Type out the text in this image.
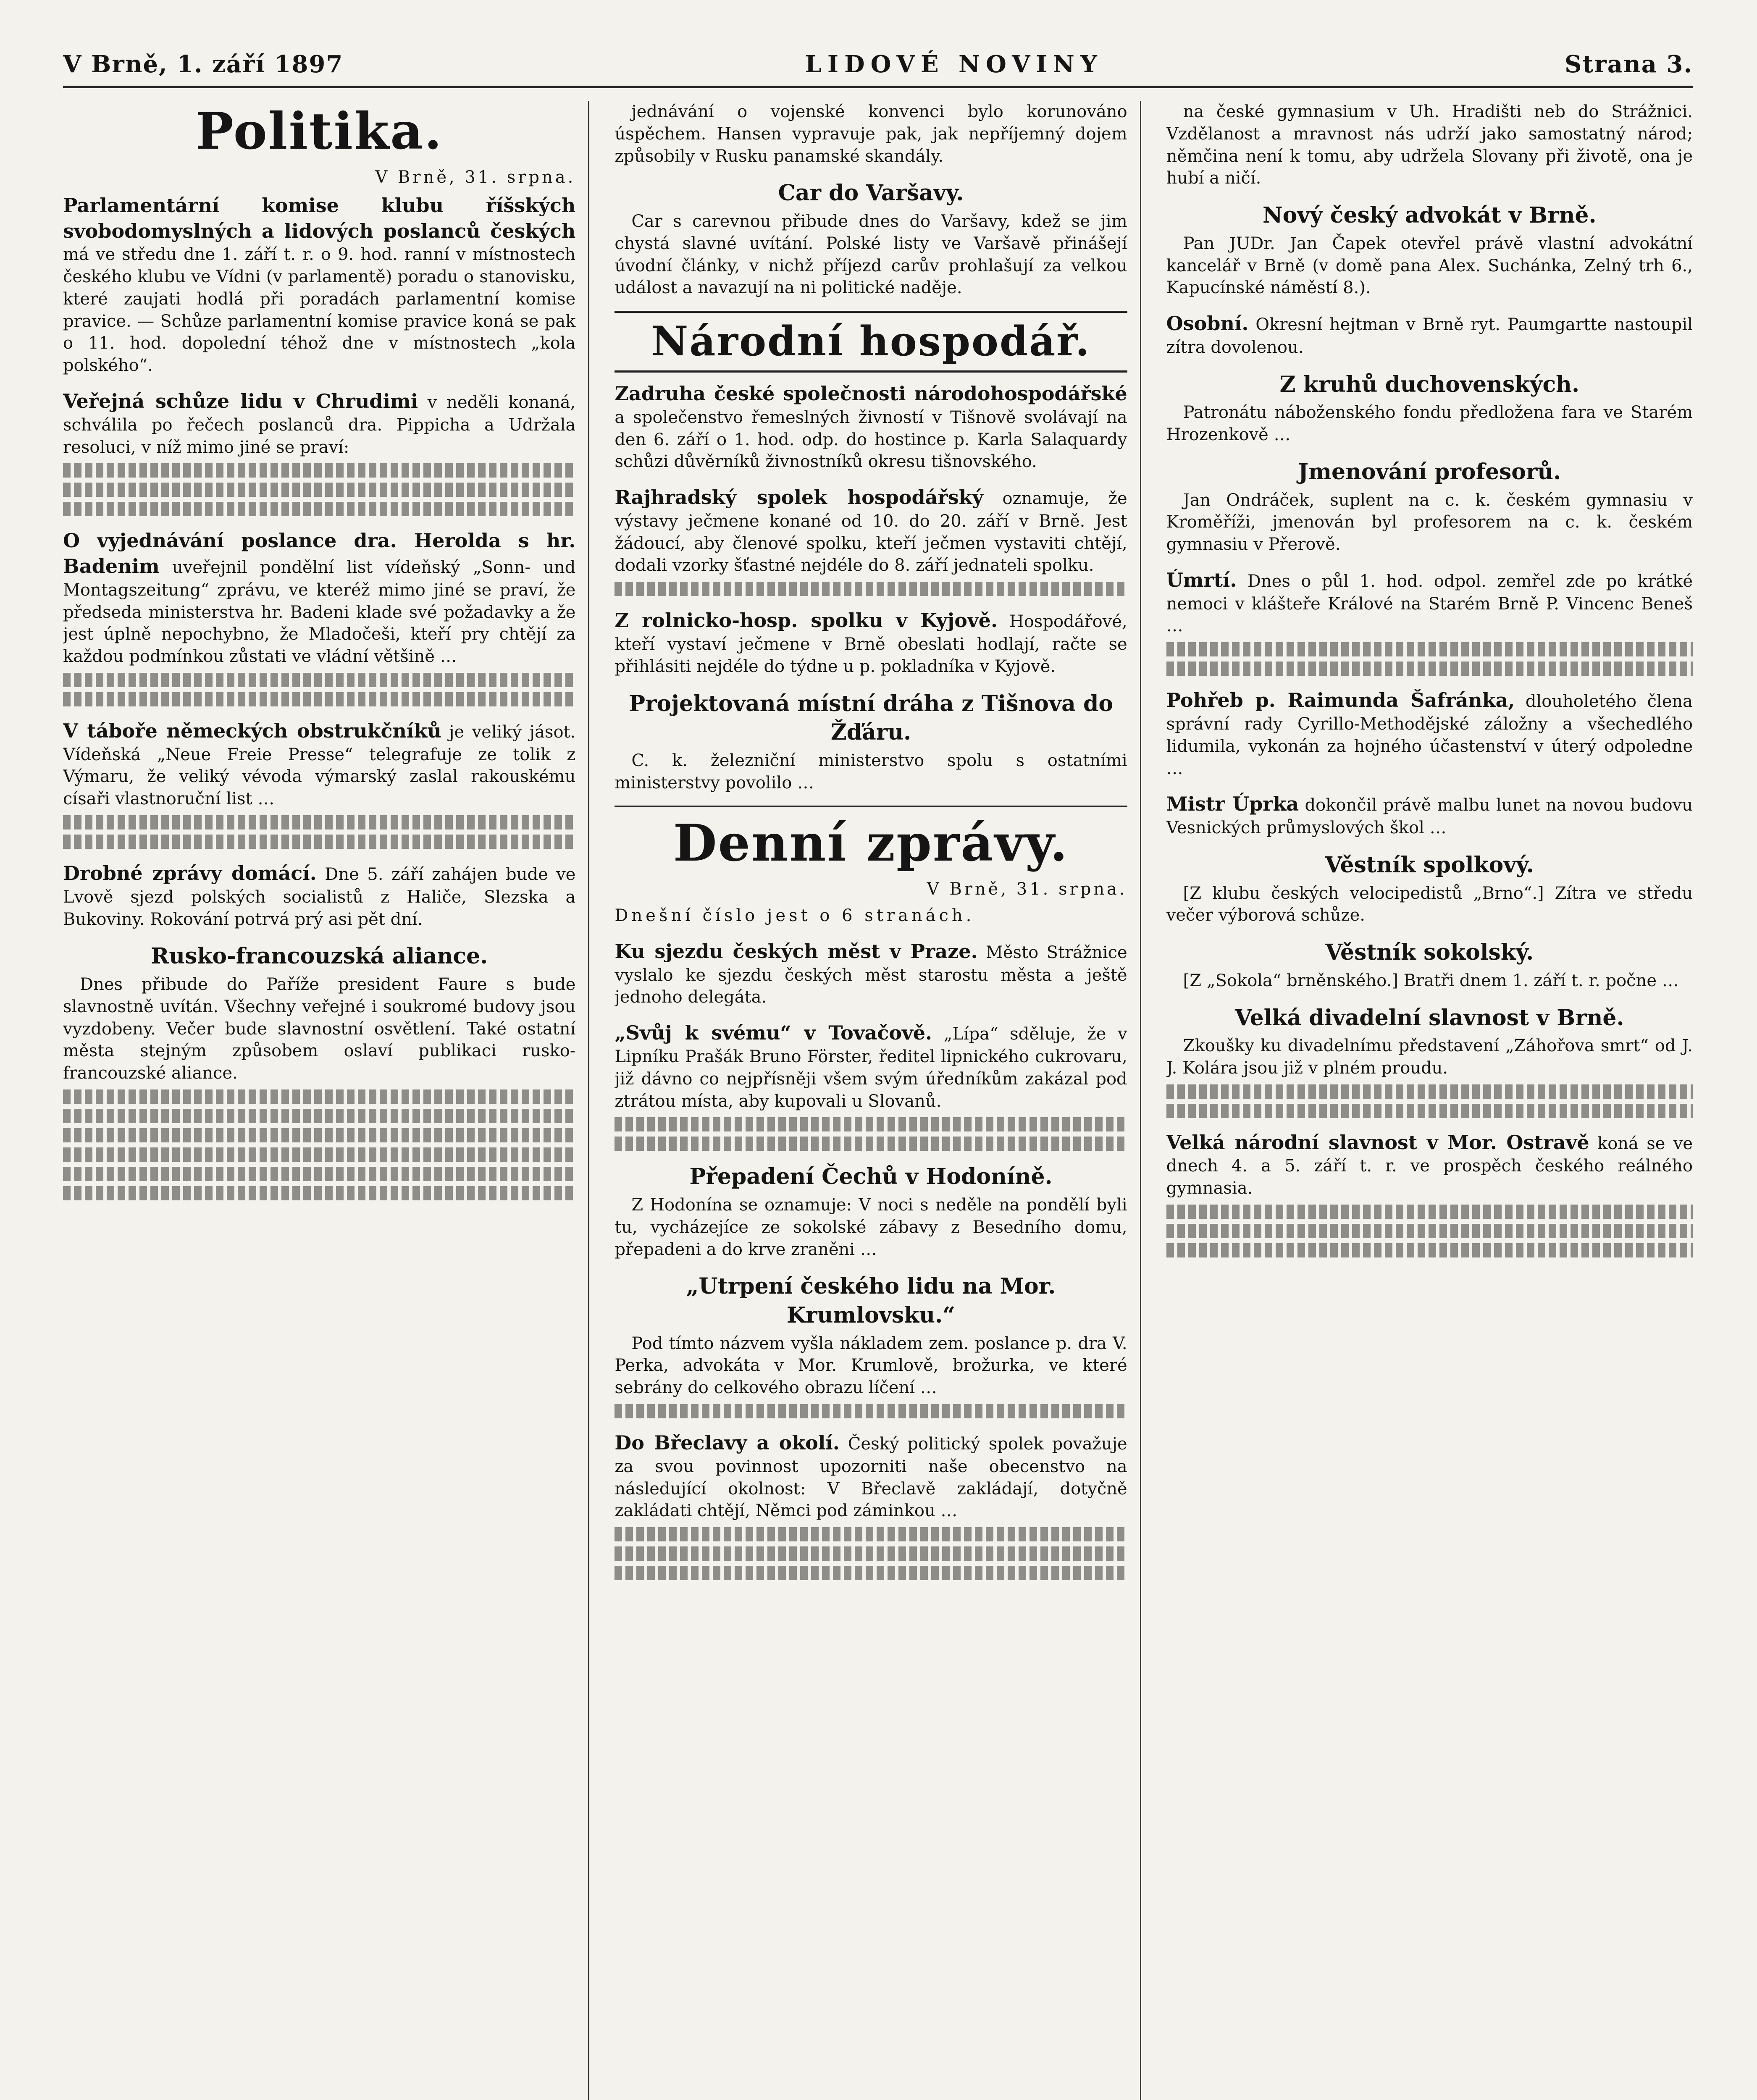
V Brně, 1. září 1897	LIDOVÉ NOVINY	Strana 3.
Politika.
V Brně, 31. srpna.
Parlamentární komise klubu říšských svobodomyslných a lidových poslanců českých má ve středu dne 1. září t. r. o 9. hod. ranní v místnostech českého klubu ve Vídni (v parlamentě) poradu o stanovisku, které zaujati hodlá při poradách parlamentní komise pravice. — Schůze parlamentní komise pravice koná se pak o 11. hod. dopolední téhož dne v místnostech „kola polského“.
Veřejná schůze lidu v Chrudimi v neděli konaná, schválila po řečech poslanců dra. Pippicha a Udržala resoluci, v níž mimo jiné se praví:
O vyjednávání poslance dra. Herolda s hr. Badenim uveřejnil pondělní list vídeňský „Sonn- und Montagszeitung“ zprávu, ve kteréž mimo jiné se praví, že předseda ministerstva hr. Badeni klade své požadavky a že jest úplně nepochybno, že Mladočeši, kteří pry chtějí za každou podmínkou zůstati ve vládní většině …
V táboře německých obstrukčníků je veliký jásot. Vídeňská „Neue Freie Presse“ telegrafuje ze tolik z Výmaru, že veliký vévoda výmarský zaslal rakouskému císaři vlastnoruční list …
Drobné zprávy domácí. Dne 5. září zahájen bude ve Lvově sjezd polských socialistů z Haliče, Slezska a Bukoviny. Rokování potrvá prý asi pět dní.
Rusko-francouzská aliance.

Dnes přibude do Paříže president Faure s bude slavnostně uvítán. Všechny veřejné i soukromé budovy jsou vyzdobeny. Večer bude slavnostní osvětlení. Také ostatní města stejným způsobem oslaví publikaci rusko-francouzské aliance.

jednávání o vojenské konvenci bylo korunováno úspěchem. Hansen vypravuje pak, jak nepříjemný dojem způsobily v Rusku panamské skandály.

Car do Varšavy.

Car s carevnou přibude dnes do Varšavy, kdež se jim chystá slavné uvítání. Polské listy ve Varšavě přinášejí úvodní články, v nichž příjezd carův prohlašují za velkou událost a navazují na ni politické naděje.

Národní hospodář.
Zadruha české společnosti národohospodářské a společenstvo řemeslných živností v Tišnově svolávají na den 6. září o 1. hod. odp. do hostince p. Karla Salaquardy schůzi důvěrníků živnostníků okresu tišnovského.
Rajhradský spolek hospodářský oznamuje, že výstavy ječmene konané od 10. do 20. září v Brně. Jest žádoucí, aby členové spolku, kteří ječmen vystaviti chtějí, dodali vzorky šťastné nejdéle do 8. září jednateli spolku.
Z rolnicko-hosp. spolku v Kyjově. Hospodářové, kteří vystaví ječmene v Brně obeslati hodlají, račte se přihlásiti nejdéle do týdne u p. pokladníka v Kyjově.
Projektovaná místní dráha z Tišnova do Žďáru.

C. k. železniční ministerstvo spolu s ostatními ministerstvy povolilo …

Denní zprávy.
V Brně, 31. srpna.
Dnešní číslo jest o 6 stranách.
Ku sjezdu českých měst v Praze. Město Strážnice vyslalo ke sjezdu českých měst starostu města a ještě jednoho delegáta.
„Svůj k svému“ v Tovačově. „Lípa“ sděluje, že v Lipníku Prašák Bruno Förster, ředitel lipnického cukrovaru, již dávno co nejpřísněji všem svým úředníkům zakázal pod ztrátou místa, aby kupovali u Slovanů.
Přepadení Čechů v Hodoníně.

Z Hodonína se oznamuje: V noci s neděle na pondělí byli tu, vycházejíce ze sokolské zábavy z Besedního domu, přepadeni a do krve zraněni …

„Utrpení českého lidu na Mor. Krumlovsku.“

Pod tímto názvem vyšla nákladem zem. poslance p. dra V. Perka, advokáta v Mor. Krumlově, brožurka, ve které sebrány do celkového obrazu líčení …

Do Břeclavy a okolí. Český politický spolek považuje za svou povinnost upozorniti naše obecenstvo na následující okolnost: V Břeclavě zakládají, dotyčně zakládati chtějí, Němci pod záminkou …

na české gymnasium v Uh. Hradišti neb do Strážnici. Vzdělanost a mravnost nás udrží jako samostatný národ; němčina není k tomu, aby udržela Slovany při životě, ona je hubí a ničí.

Nový český advokát v Brně.

Pan JUDr. Jan Čapek otevřel právě vlastní advokátní kancelář v Brně (v domě pana Alex. Suchánka, Zelný trh 6., Kapucínské náměstí 8.).

Osobní. Okresní hejtman v Brně ryt. Paumgartte nastoupil zítra dovolenou.
Z kruhů duchovenských.

Patronátu náboženského fondu předložena fara ve Starém Hrozenkově …

Jmenování profesorů.

Jan Ondráček, suplent na c. k. českém gymnasiu v Kroměříži, jmenován byl profesorem na c. k. českém gymnasiu v Přerově.

Úmrtí. Dnes o půl 1. hod. odpol. zemřel zde po krátké nemoci v klášteře Králové na Starém Brně P. Vincenc Beneš …
Pohřeb p. Raimunda Šafránka, dlouholetého člena správní rady Cyrillo-Methodějské záložny a všechedlého lidumila, vykonán za hojného účastenství v úterý odpoledne …
Mistr Úprka dokončil právě malbu lunet na novou budovu Vesnických průmyslových škol …
Věstník spolkový.

[Z klubu českých velocipedistů „Brno“.] Zítra ve středu večer výborová schůze.

Věstník sokolský.

[Z „Sokola“ brněnského.] Bratři dnem 1. září t. r. počne …

Velká divadelní slavnost v Brně.

Zkoušky ku divadelnímu představení „Záhořova smrt“ od J. J. Kolára jsou již v plném proudu.

Velká národní slavnost v Mor. Ostravě koná se ve dnech 4. a 5. září t. r. ve prospěch českého reálného gymnasia.
